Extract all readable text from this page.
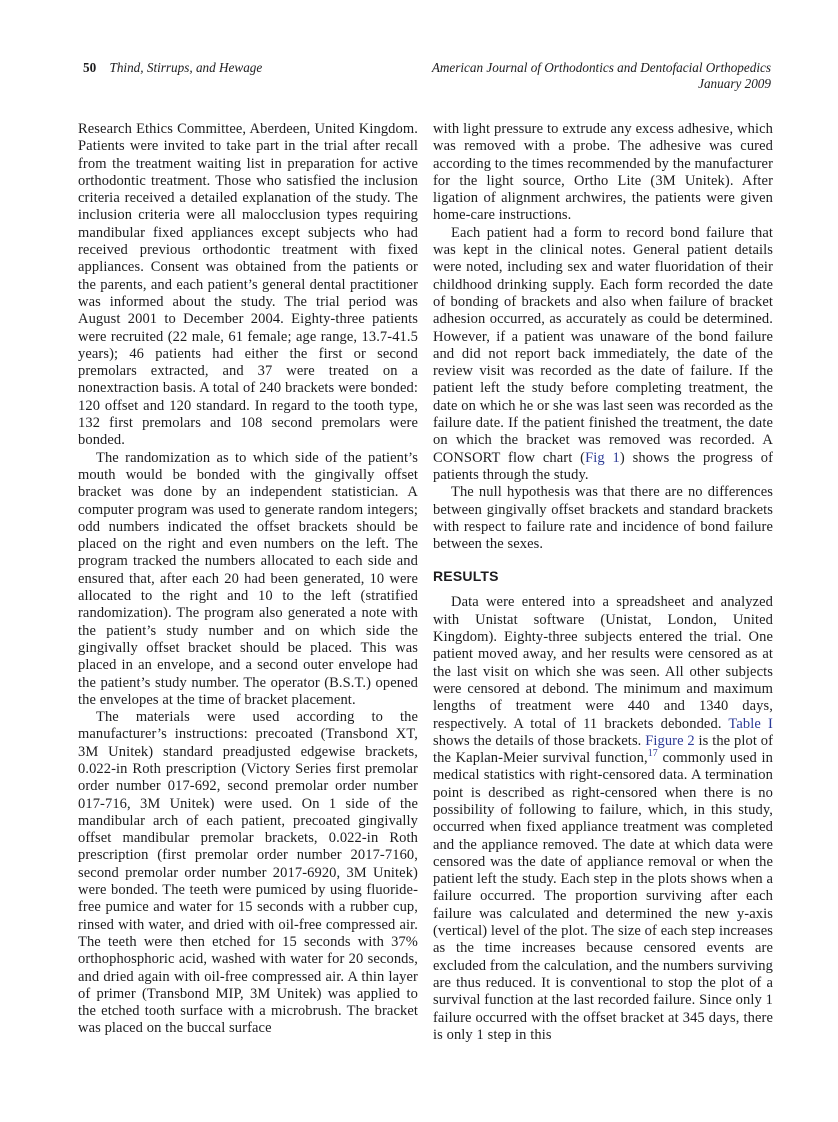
50 Thind, Stirrups, and Hewage	American Journal of Orthodontics and Dentofacial Orthopedics
January 2009

Research Ethics Committee, Aberdeen, United Kingdom. Patients were invited to take part in the trial after recall from the treatment waiting list in preparation for active orthodontic treatment. Those who satisfied the inclusion criteria received a detailed explanation of the study. The inclusion criteria were all malocclusion types requiring mandibular fixed appliances except subjects who had received previous orthodontic treatment with fixed appliances. Consent was obtained from the patients or the parents, and each patient’s general dental practitioner was informed about the study. The trial period was August 2001 to December 2004. Eighty-three patients were recruited (22 male, 61 female; age range, 13.7-41.5 years); 46 patients had either the first or second premolars extracted, and 37 were treated on a nonextraction basis. A total of 240 brackets were bonded: 120 offset and 120 standard. In regard to the tooth type, 132 first premolars and 108 second premolars were bonded.

The randomization as to which side of the patient’s mouth would be bonded with the gingivally offset bracket was done by an independent statistician. A computer program was used to generate random integers; odd numbers indicated the offset brackets should be placed on the right and even numbers on the left. The program tracked the numbers allocated to each side and ensured that, after each 20 had been generated, 10 were allocated to the right and 10 to the left (stratified randomization). The program also generated a note with the patient’s study number and on which side the gingivally offset bracket should be placed. This was placed in an envelope, and a second outer envelope had the patient’s study number. The operator (B.S.T.) opened the envelopes at the time of bracket placement.

The materials were used according to the manufacturer’s instructions: precoated (Transbond XT, 3M Unitek) standard preadjusted edgewise brackets, 0.022-in Roth prescription (Victory Series first premolar order number 017-692, second premolar order number 017-716, 3M Unitek) were used. On 1 side of the mandibular arch of each patient, precoated gingivally offset mandibular premolar brackets, 0.022-in Roth prescription (first premolar order number 2017-7160, second premolar order number 2017-6920, 3M Unitek) were bonded. The teeth were pumiced by using fluoride-free pumice and water for 15 seconds with a rubber cup, rinsed with water, and dried with oil-free compressed air. The teeth were then etched for 15 seconds with 37% orthophosphoric acid, washed with water for 20 seconds, and dried again with oil-free compressed air. A thin layer of primer (Transbond MIP, 3M Unitek) was applied to the etched tooth surface with a microbrush. The bracket was placed on the buccal surface

with light pressure to extrude any excess adhesive, which was removed with a probe. The adhesive was cured according to the times recommended by the manufacturer for the light source, Ortho Lite (3M Unitek). After ligation of alignment archwires, the patients were given home-care instructions.

Each patient had a form to record bond failure that was kept in the clinical notes. General patient details were noted, including sex and water fluoridation of their childhood drinking supply. Each form recorded the date of bonding of brackets and also when failure of bracket adhesion occurred, as accurately as could be determined. However, if a patient was unaware of the bond failure and did not report back immediately, the date of the review visit was recorded as the date of failure. If the patient left the study before completing treatment, the date on which he or she was last seen was recorded as the failure date. If the patient finished the treatment, the date on which the bracket was removed was recorded. A CONSORT flow chart (Fig 1) shows the progress of patients through the study.

The null hypothesis was that there are no differences between gingivally offset brackets and standard brackets with respect to failure rate and incidence of bond failure between the sexes.

RESULTS

Data were entered into a spreadsheet and analyzed with Unistat software (Unistat, London, United Kingdom). Eighty-three subjects entered the trial. One patient moved away, and her results were censored as at the last visit on which she was seen. All other subjects were censored at debond. The minimum and maximum lengths of treatment were 440 and 1340 days, respectively. A total of 11 brackets debonded. Table I shows the details of those brackets. Figure 2 is the plot of the Kaplan-Meier survival function,$^{17}$ commonly used in medical statistics with right-censored data. A termination point is described as right-censored when there is no possibility of following to failure, which, in this study, occurred when fixed appliance treatment was completed and the appliance removed. The date at which data were censored was the date of appliance removal or when the patient left the study. Each step in the plots shows when a failure occurred. The proportion surviving after each failure was calculated and determined the new y-axis (vertical) level of the plot. The size of each step increases as the time increases because censored events are excluded from the calculation, and the numbers surviving are thus reduced. It is conventional to stop the plot of a survival function at the last recorded failure. Since only 1 failure occurred with the offset bracket at 345 days, there is only 1 step in this
